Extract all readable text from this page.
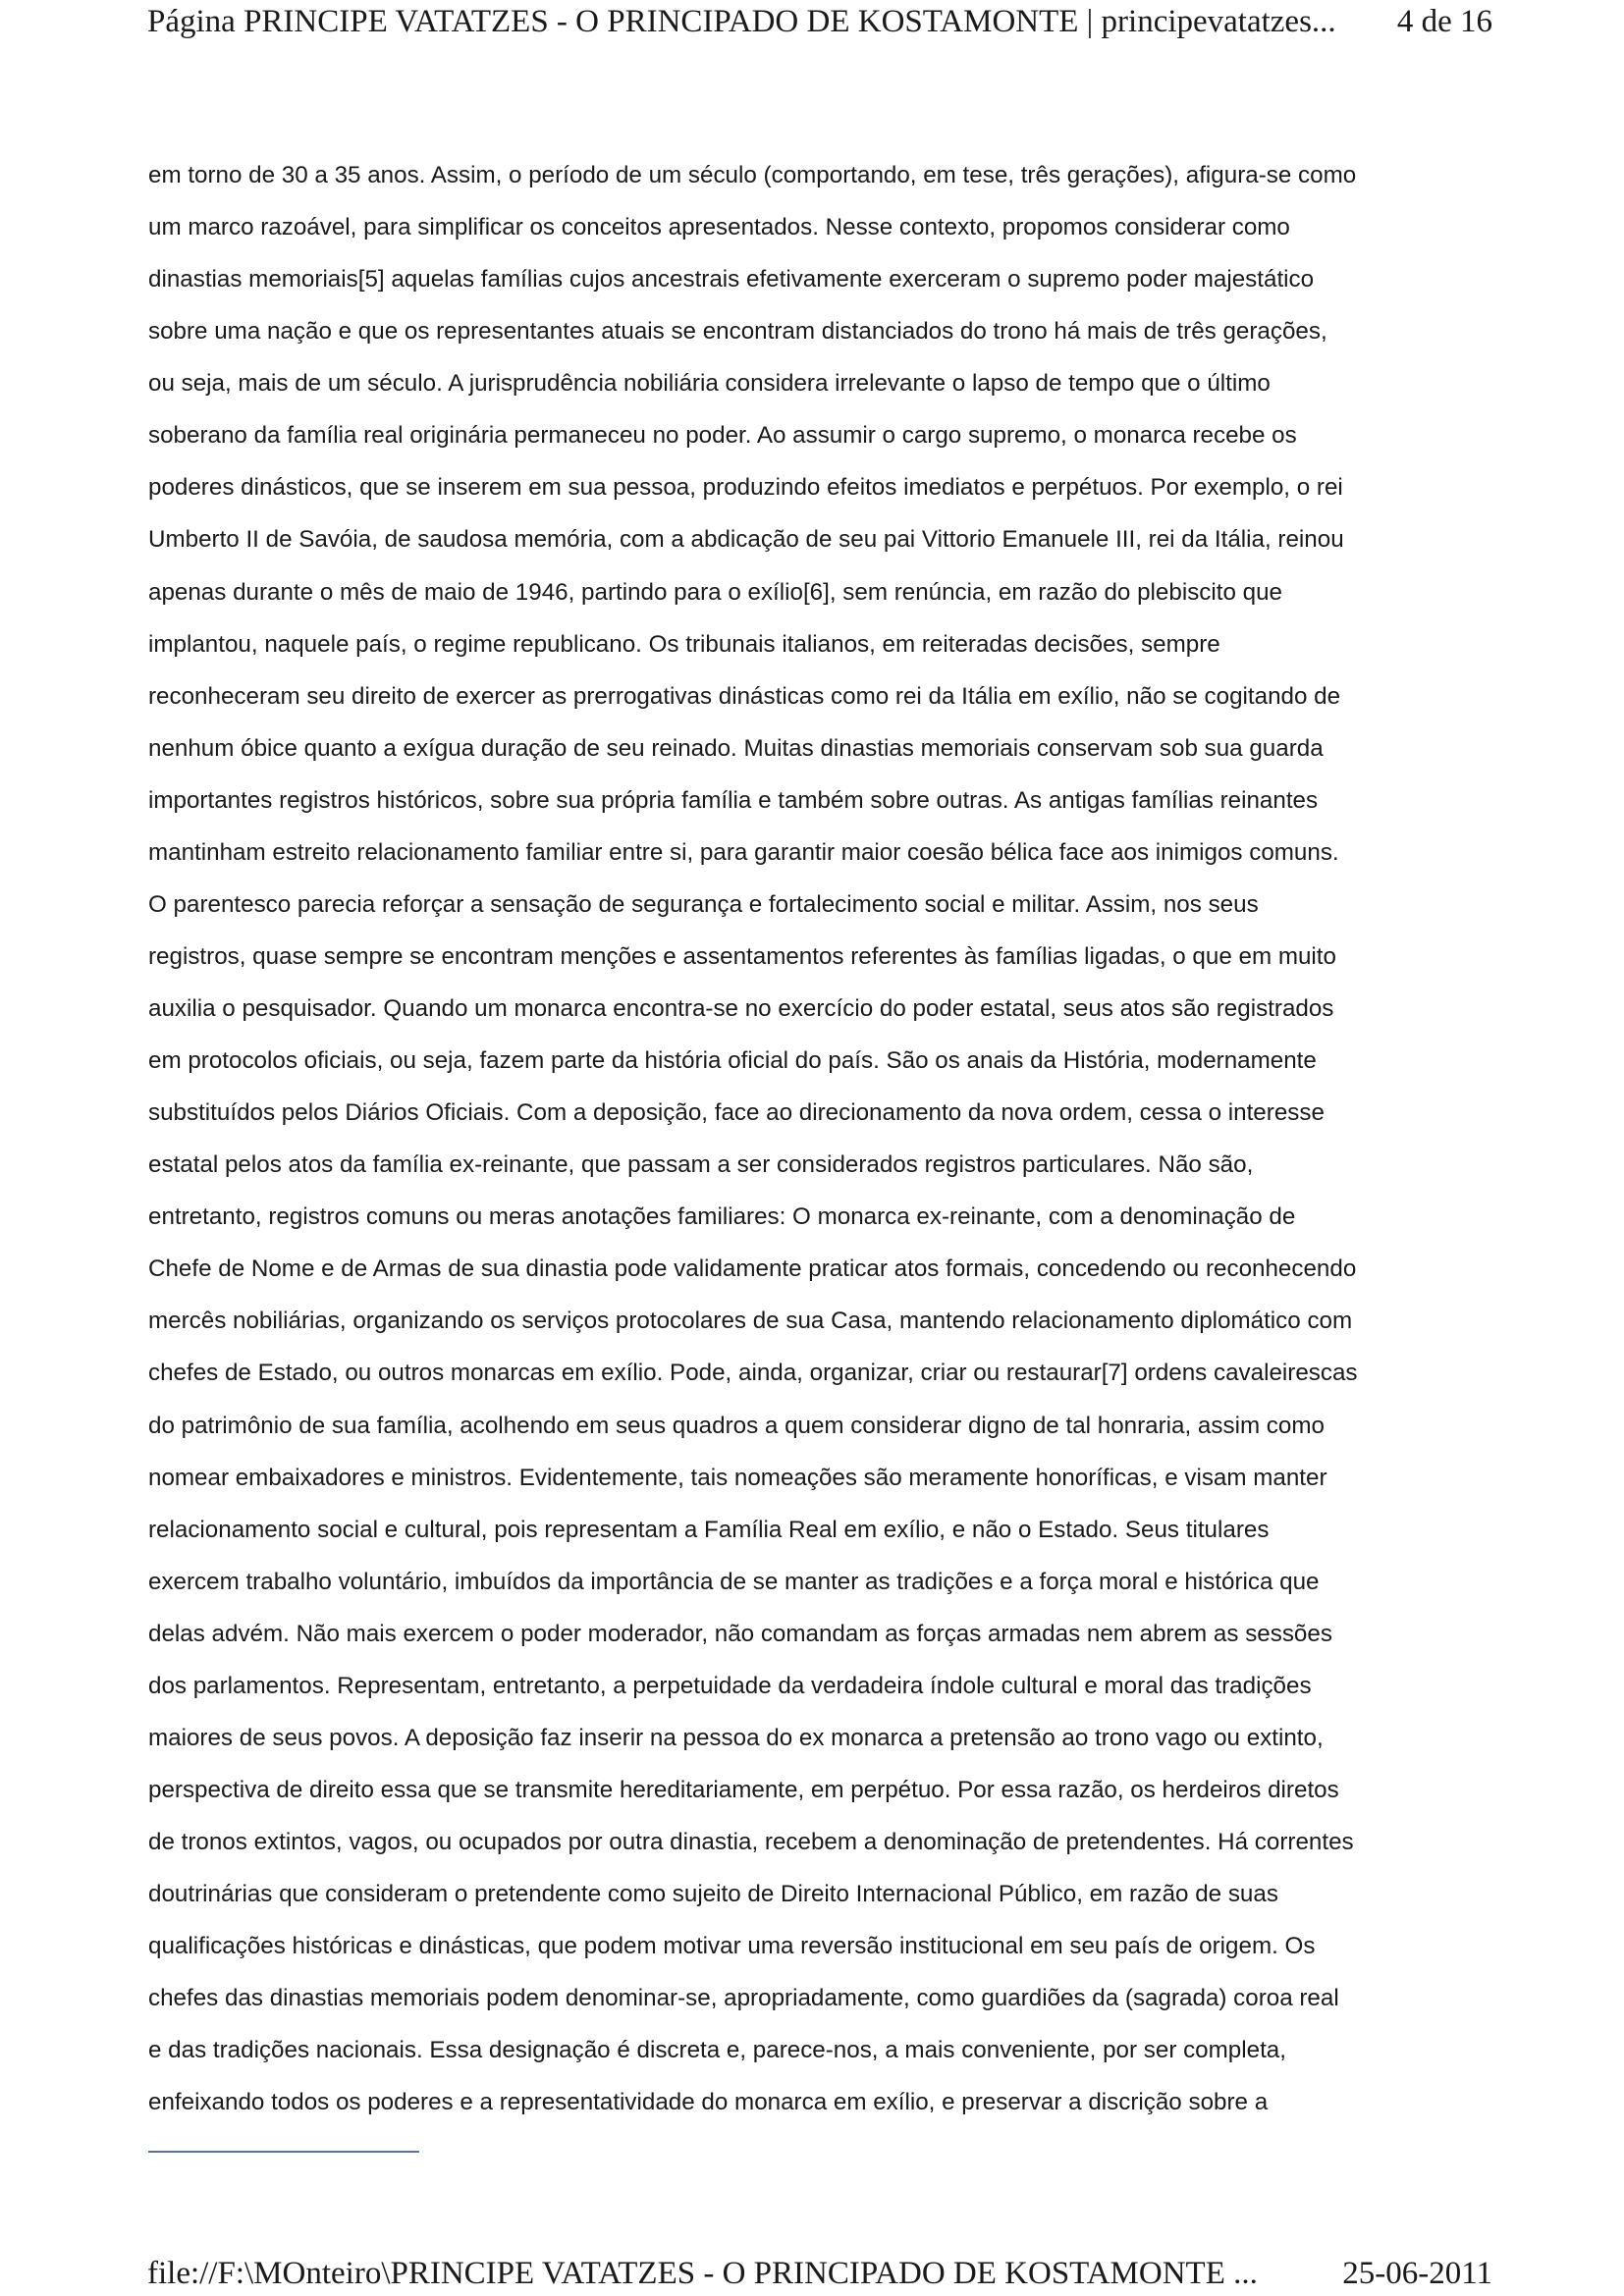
Página PRINCIPE VATATZES - O PRINCIPADO DE KOSTAMONTE | principevatatzes... 4 de 16
em torno de 30 a 35 anos. Assim, o período de um século (comportando, em tese, três gerações), afigura-se como
um marco razoável, para simplificar os conceitos apresentados. Nesse contexto, propomos considerar como
dinastias memoriais[5] aquelas famílias cujos ancestrais efetivamente exerceram o supremo poder majestático
sobre uma nação e que os representantes atuais se encontram distanciados do trono há mais de três gerações,
ou seja, mais de um século. A jurisprudência nobiliária considera irrelevante o lapso de tempo que o último
soberano da família real originária permaneceu no poder. Ao assumir o cargo supremo, o monarca recebe os
poderes dinásticos, que se inserem em sua pessoa, produzindo efeitos imediatos e perpétuos. Por exemplo, o rei
Umberto II de Savóia, de saudosa memória, com a abdicação de seu pai Vittorio Emanuele III, rei da Itália, reinou
apenas durante o mês de maio de 1946, partindo para o exílio[6], sem renúncia, em razão do plebiscito que
implantou, naquele país, o regime republicano. Os tribunais italianos, em reiteradas decisões, sempre
reconheceram seu direito de exercer as prerrogativas dinásticas como rei da Itália em exílio, não se cogitando de
nenhum óbice quanto a exígua duração de seu reinado. Muitas dinastias memoriais conservam sob sua guarda
importantes registros históricos, sobre sua própria família e também sobre outras. As antigas famílias reinantes
mantinham estreito relacionamento familiar entre si, para garantir maior coesão bélica face aos inimigos comuns.
O parentesco parecia reforçar a sensação de segurança e fortalecimento social e militar. Assim, nos seus
registros, quase sempre se encontram menções e assentamentos referentes às famílias ligadas, o que em muito
auxilia o pesquisador. Quando um monarca encontra-se no exercício do poder estatal, seus atos são registrados
em protocolos oficiais, ou seja, fazem parte da história oficial do país. São os anais da História, modernamente
substituídos pelos Diários Oficiais. Com a deposição, face ao direcionamento da nova ordem, cessa o interesse
estatal pelos atos da família ex-reinante, que passam a ser considerados registros particulares. Não são,
entretanto, registros comuns ou meras anotações familiares: O monarca ex-reinante, com a denominação de
Chefe de Nome e de Armas de sua dinastia pode validamente praticar atos formais, concedendo ou reconhecendo
mercês nobiliárias, organizando os serviços protocolares de sua Casa, mantendo relacionamento diplomático com
chefes de Estado, ou outros monarcas em exílio. Pode, ainda, organizar, criar ou restaurar[7] ordens cavaleirescas
do patrimônio de sua família, acolhendo em seus quadros a quem considerar digno de tal honraria, assim como
nomear embaixadores e ministros. Evidentemente, tais nomeações são meramente honoríficas, e visam manter
relacionamento social e cultural, pois representam a Família Real em exílio, e não o Estado. Seus titulares
exercem trabalho voluntário, imbuídos da importância de se manter as tradições e a força moral e histórica que
delas advém. Não mais exercem o poder moderador, não comandam as forças armadas nem abrem as sessões
dos parlamentos. Representam, entretanto, a perpetuidade da verdadeira índole cultural e moral das tradições
maiores de seus povos. A deposição faz inserir na pessoa do ex monarca a pretensão ao trono vago ou extinto,
perspectiva de direito essa que se transmite hereditariamente, em perpétuo. Por essa razão, os herdeiros diretos
de tronos extintos, vagos, ou ocupados por outra dinastia, recebem a denominação de pretendentes. Há correntes
doutrinárias que consideram o pretendente como sujeito de Direito Internacional Público, em razão de suas
qualificações históricas e dinásticas, que podem motivar uma reversão institucional em seu país de origem. Os
chefes das dinastias memoriais podem denominar-se, apropriadamente, como guardiões da (sagrada) coroa real
e das tradições nacionais. Essa designação é discreta e, parece-nos, a mais conveniente, por ser completa,
enfeixando todos os poderes e a representatividade do monarca em exílio, e preservar a discrição sobre a
file://F:\MOnteiro\PRINCIPE VATATZES - O PRINCIPADO DE KOSTAMONTE ...	25-06-2011
